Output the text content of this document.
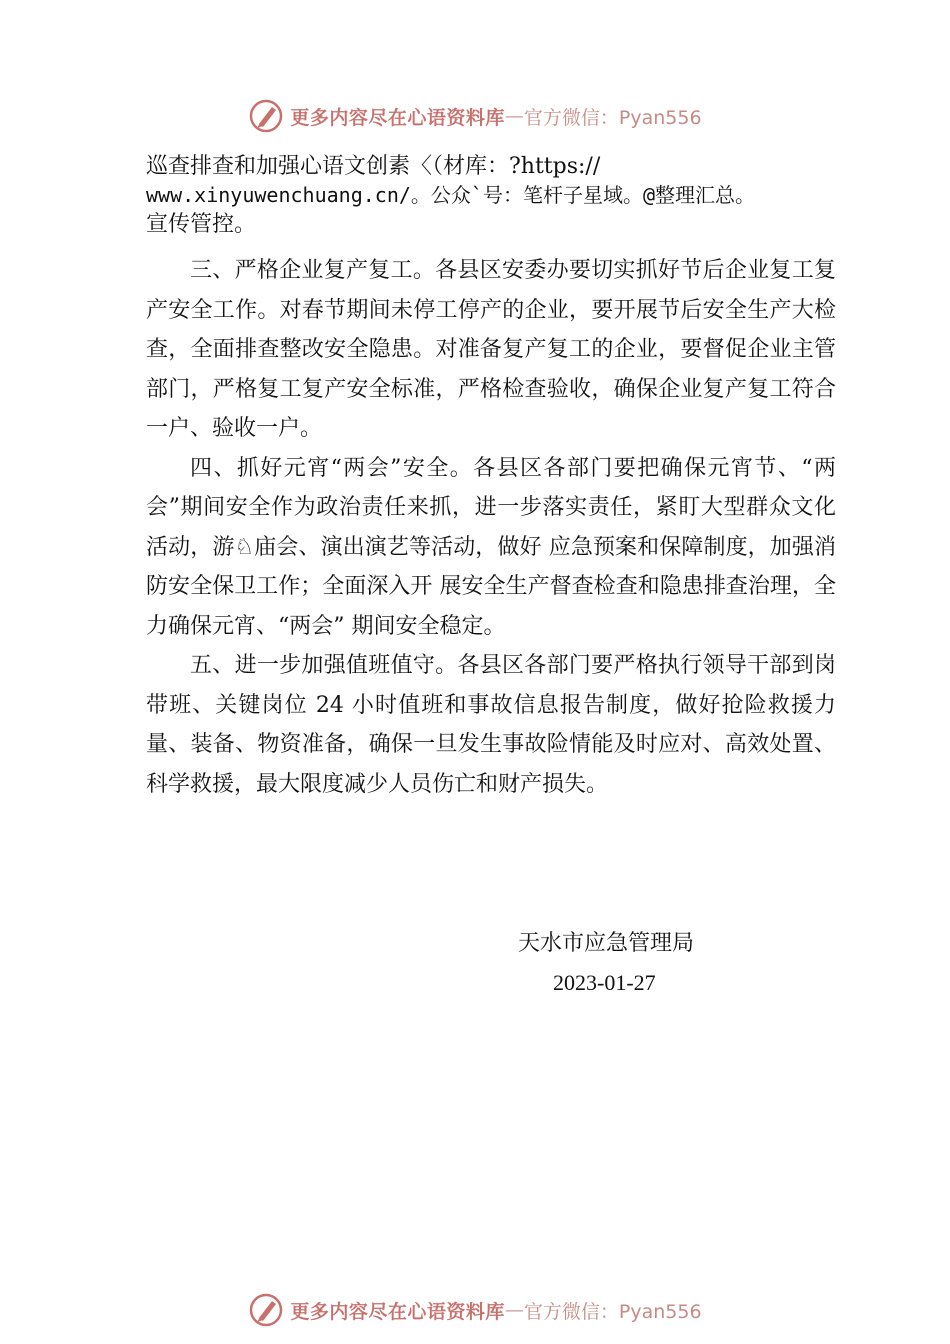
更多内容尽在心语资料库 — 官方微信：Pyan556
巡查排查和加强心语文创素〈（材库：?https://
www.xinyuwenchuang.cn/。公众`号：笔杆子星域。@整理汇总。
宣传管控。

三、严格企业复产复工。各县区安委办要切实抓好节后企业复工复产安全工作。对春节期间未停工停产的企业，要开展节后安全生产大检查，全面排查整改安全隐患。对准备复产复工的企业，要督促企业主管部门，严格复工复产安全标准，严格检查验收，确保企业复产复工符合一户、验收一户。

四、抓好元宵“两会”安全。各县区各部门要把确保元宵节、“两会”期间安全作为政治责任来抓，进一步落实责任，紧盯大型群众文化活动，游♘庙会、演出演艺等活动，做好 应急预案和保障制度，加强消防安全保卫工作；全面深入开 展安全生产督查检查和隐患排查治理，全力确保元宵、“两会” 期间安全稳定。

五、进一步加强值班值守。各县区各部门要严格执行领导干部到岗带班、关键岗位 24 小时值班和事故信息报告制度，做好抢险救援力量、装备、物资准备，确保一旦发生事故险情能及时应对、高效处置、科学救援，最大限度减少人员伤亡和财产损失。

天水市应急管理局
2023-01-27
更多内容尽在心语资料库 — 官方微信：Pyan556
